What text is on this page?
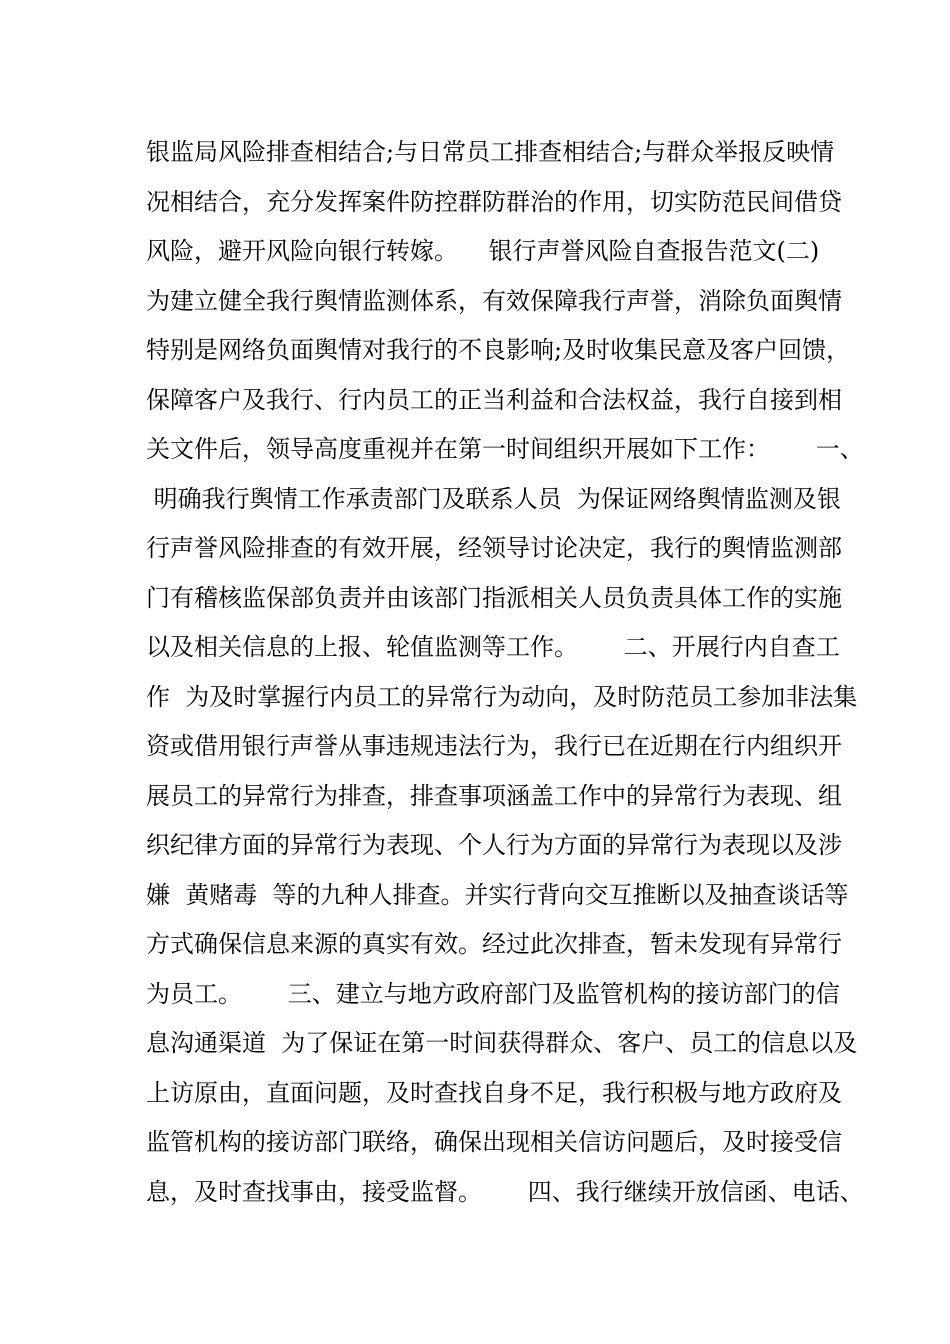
银监局风险排查相结合;与日常员工排查相结合;与群众举报反映情
况相结合，充分发挥案件防控群防群治的作用，切实防范民间借贷
风险，避开风险向银行转嫁。    银行声誉风险自查报告范文(二)
为建立健全我行舆情监测体系，有效保障我行声誉，消除负面舆情
特别是网络负面舆情对我行的不良影响;及时收集民意及客户回馈，
保障客户及我行、行内员工的正当利益和合法权益，我行自接到相
关文件后，领导高度重视并在第一时间组织开展如下工作：      一、
明确我行舆情工作承责部门及联系人员  为保证网络舆情监测及银
行声誉风险排查的有效开展，经领导讨论决定，我行的舆情监测部
门有稽核监保部负责并由该部门指派相关人员负责具体工作的实施
以及相关信息的上报、轮值监测等工作。      二、开展行内自查工
作  为及时掌握行内员工的异常行为动向，及时防范员工参加非法集
资或借用银行声誉从事违规违法行为，我行已在近期在行内组织开
展员工的异常行为排查，排查事项涵盖工作中的异常行为表现、组
织纪律方面的异常行为表现、个人行为方面的异常行为表现以及涉
嫌  黄赌毒  等的九种人排查。并实行背向交互推断以及抽查谈话等
方式确保信息来源的真实有效。经过此次排查，暂未发现有异常行
为员工。      三、建立与地方政府部门及监管机构的接访部门的信
息沟通渠道  为了保证在第一时间获得群众、客户、员工的信息以及
上访原由，直面问题，及时查找自身不足，我行积极与地方政府及
监管机构的接访部门联络，确保出现相关信访问题后，及时接受信
息，及时查找事由，接受监督。      四、我行继续开放信函、电话、
